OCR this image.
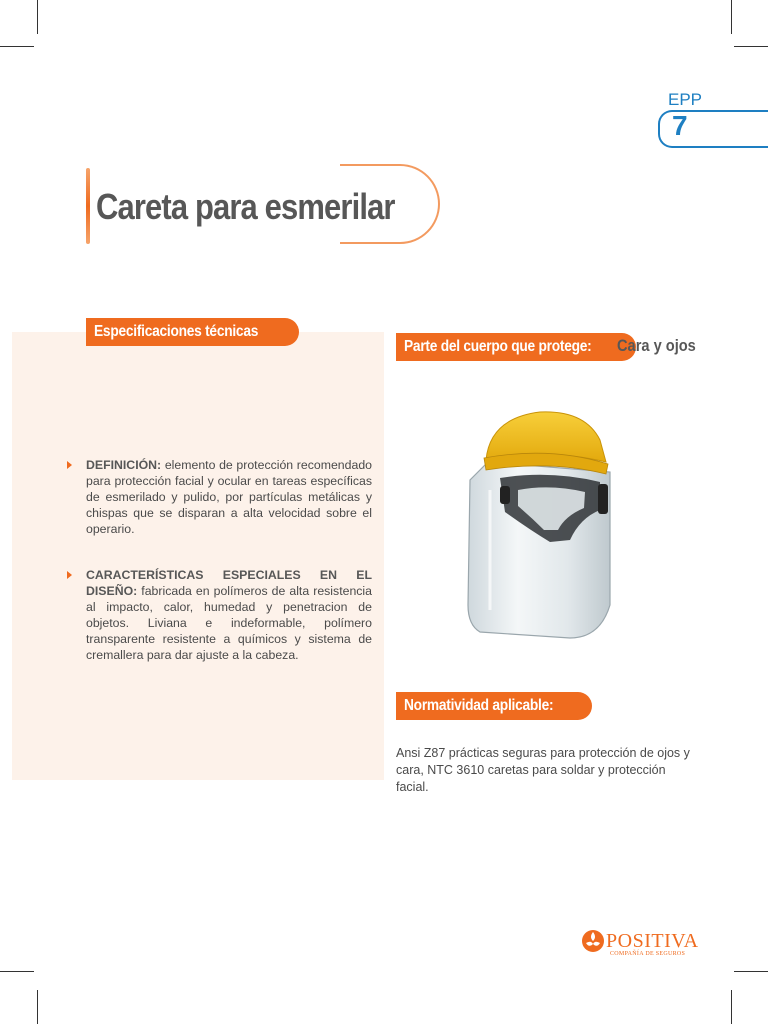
EPP
7
Careta para esmerilar
Especificaciones técnicas
DEFINICIÓN: elemento de protección recomendado para protección facial y ocular en tareas específicas de esmerilado y pulido, por partículas metálicas y chispas que se disparan a alta velocidad sobre el operario.
CARACTERÍSTICAS ESPECIALES EN EL DISEÑO: fabricada en polímeros de alta resistencia al impacto, calor, humedad y penetracion de objetos. Liviana e indeformable, polímero transparente resistente a químicos y sistema de cremallera para dar ajuste a la cabeza.
Parte del cuerpo que protege:	Cara y ojos
Normatividad aplicable:
Ansi Z87 prácticas seguras para protección de ojos y cara, NTC 3610 caretas para soldar y protección facial.
POSITIVA
COMPAÑÍA DE SEGUROS
